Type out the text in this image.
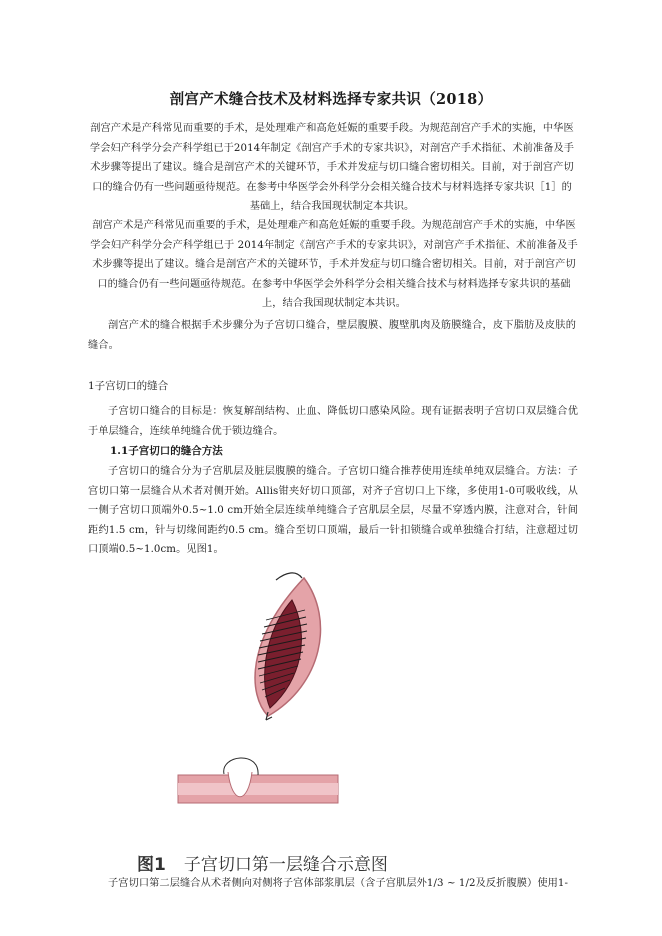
剖宫产术缝合技术及材料选择专家共识（2018）
剖宫产术是产科常见而重要的手术，是处理难产和高危妊娠的重要手段。为规范剖宫产手术的实施，中华医学会妇产科学分会产科学组已于2014年制定《剖宫产手术的专家共识》，对剖宫产手术指征、术前准备及手术步骤等提出了建议。缝合是剖宫产术的关键环节，手术并发症与切口缝合密切相关。目前，对于剖宫产切口的缝合仍有一些问题亟待规范。在参考中华医学会外科学分会相关缝合技术与材料选择专家共识［1］的基础上，结合我国现状制定本共识。
剖宫产术是产科常见而重要的手术，是处理难产和高危妊娠的重要手段。为规范剖宫产手术的实施，中华医学会妇产科学分会产科学组已于 2014年制定《剖宫产手术的专家共识》，对剖宫产手术指征、术前准备及手术步骤等提出了建议。缝合是剖宫产术的关键环节，手术并发症与切口缝合密切相关。目前，对于剖宫产切口的缝合仍有一些问题亟待规范。在参考中华医学会外科学分会相关缝合技术与材料选择专家共识的基础上，结合我国现状制定本共识。
剖宫产术的缝合根据手术步骤分为子宫切口缝合，壁层腹膜、腹壁肌肉及筋膜缝合，皮下脂肪及皮肤的缝合。
1子宫切口的缝合
子宫切口缝合的目标是：恢复解剖结构、止血、降低切口感染风险。现有证据表明子宫切口双层缝合优于单层缝合，连续单纯缝合优于锁边缝合。
1.1子宫切口的缝合方法
子宫切口的缝合分为子宫肌层及脏层腹膜的缝合。子宫切口缝合推荐使用连续单纯双层缝合。方法：子宫切口第一层缝合从术者对侧开始。Allis钳夹好切口顶部，对齐子宫切口上下缘，多使用1-0可吸收线，从一侧子宫切口顶端外0.5~1.0 cm开始全层连续单纯缝合子宫肌层全层，尽量不穿透内膜，注意对合，针间距约1.5 cm，针与切缘间距约0.5 cm。缝合至切口顶端，最后一针扣锁缝合或单独缝合打结，注意超过切口顶端0.5~1.0cm。见图1。
图1 子宫切口第一层缝合示意图
子宫切口第二层缝合从术者侧向对侧将子宫体部浆肌层（含子宫肌层外1/3 ~ 1/2及反折腹膜）使用1-
